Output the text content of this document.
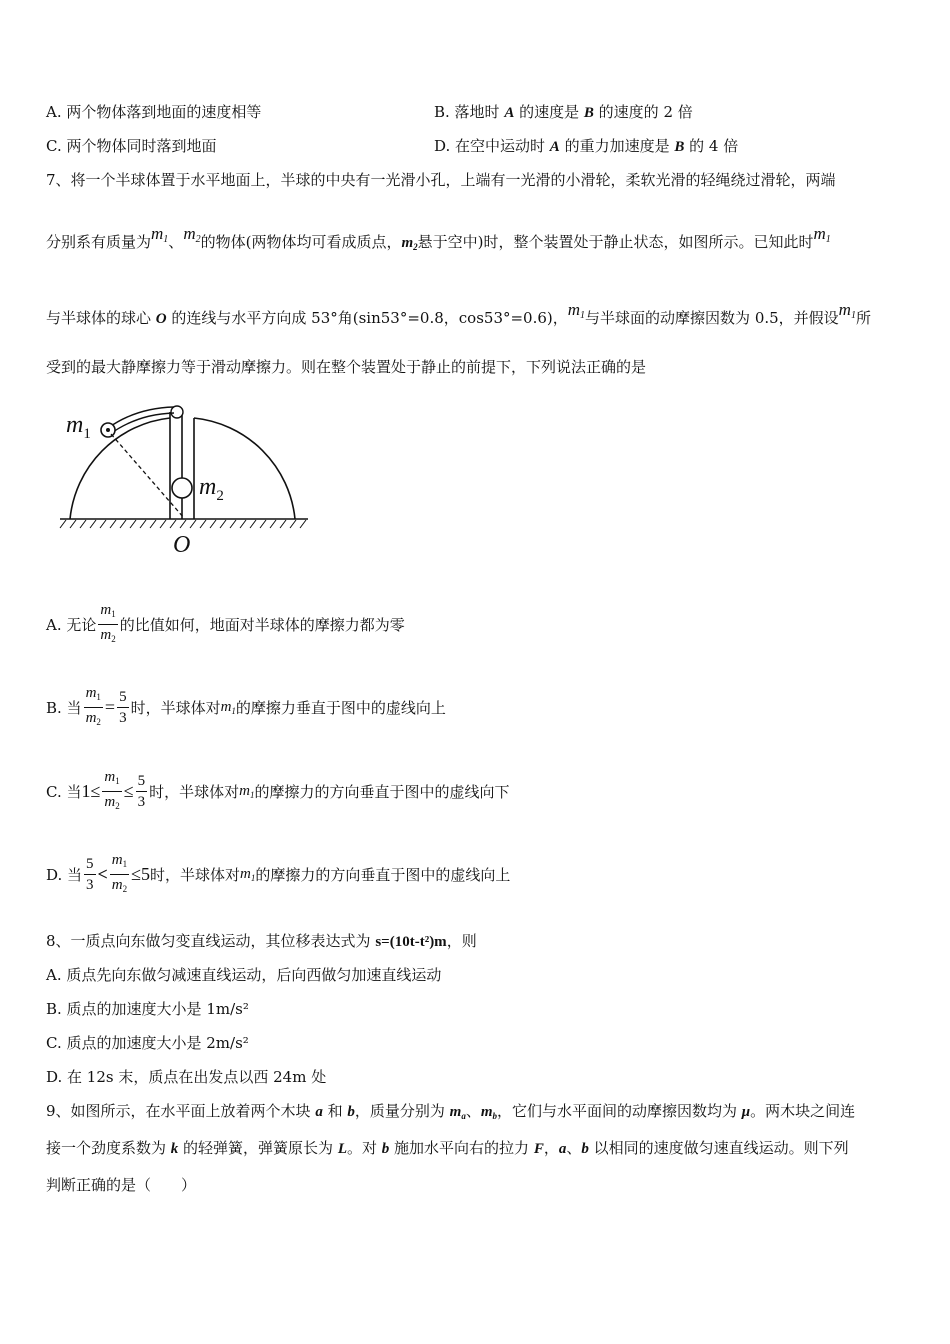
A. 两个物体落到地面的速度相等	B. 落地时 A 的速度是 B 的速度的 2 倍
C. 两个物体同时落到地面	D. 在空中运动时 A 的重力加速度是 B 的 4 倍
7、将一个半球体置于水平地面上，半球的中央有一光滑小孔，上端有一光滑的小滑轮，柔软光滑的轻绳绕过滑轮，两端
分别系有质量为$m_1$、$m_2$的物体(两物体均可看成质点，$m_2$悬于空中)时，整个装置处于静止状态，如图所示。已知此时$m_1$
与半球体的球心 O 的连线与水平方向成 53°角(sin53°=0.8，cos53°=0.6)，$m_1$与半球面的动摩擦因数为 0.5，并假设$m_1$所
受到的最大静摩擦力等于滑动摩擦力。则在整个装置处于静止的前提下，下列说法正确的是
$m_1$
$m_2$
O
A. 无论 $\frac{m_1}{m_2}$ 的比值如何，地面对半球体的摩擦力都为零
B. 当 $\frac{m_1}{m_2} = \frac{5}{3}$ 时，半球体对$m_1$的摩擦力垂直于图中的虚线向上
C. 当$1\le \frac{m_1}{m_2} \le \frac{5}{3}$ 时，半球体对$m_1$的摩擦力的方向垂直于图中的虚线向下
D. 当 $\frac{5}{3} < \frac{m_1}{m_2} \le 5$时，半球体对$m_1$的摩擦力的方向垂直于图中的虚线向上
8、一质点向东做匀变直线运动，其位移表达式为 s=(10t-t²)m，则
A. 质点先向东做匀减速直线运动，后向西做匀加速直线运动
B. 质点的加速度大小是 1m/s²
C. 质点的加速度大小是 2m/s²
D. 在 12s 末，质点在出发点以西 24m 处
9、如图所示，在水平面上放着两个木块 a 和 b，质量分别为 $m_a$、$m_b$，它们与水平面间的动摩擦因数均为 μ。两木块之间连
接一个劲度系数为 k 的轻弹簧，弹簧原长为 L。对 b 施加水平向右的拉力 F，a、b 以相同的速度做匀速直线运动。则下列
判断正确的是（　　）
